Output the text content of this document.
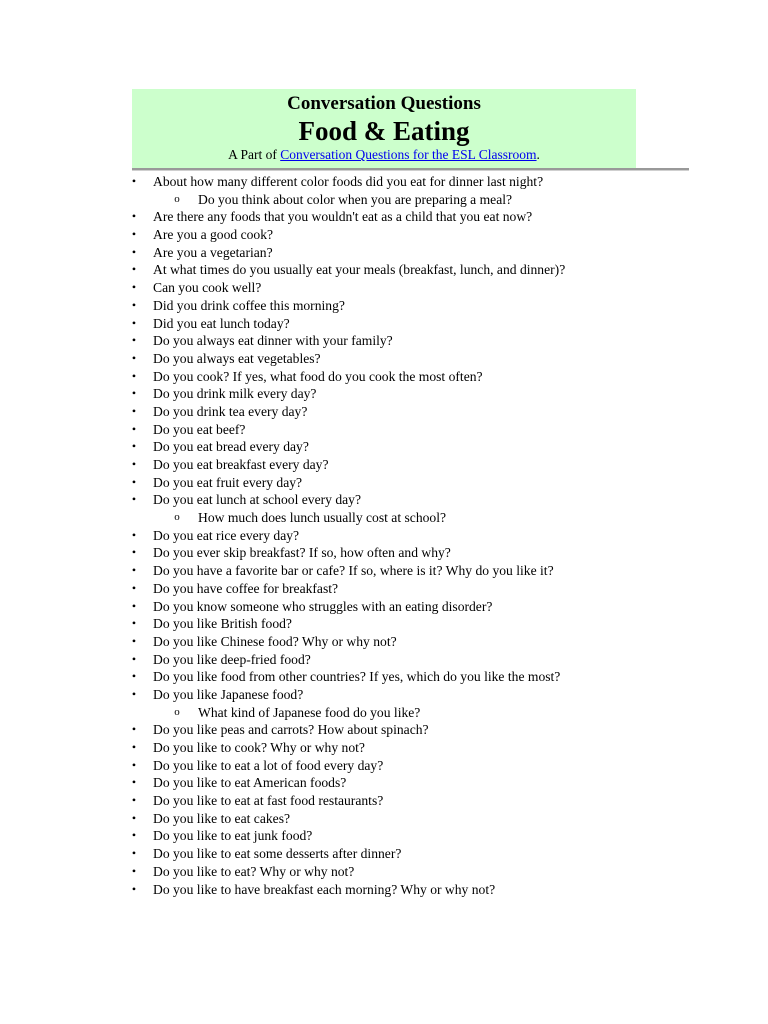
Conversation Questions
Food & Eating
A Part of Conversation Questions for the ESL Classroom.
• About how many different color foods did you eat for dinner last night?
o Do you think about color when you are preparing a meal?
• Are there any foods that you wouldn't eat as a child that you eat now?
• Are you a good cook?
• Are you a vegetarian?
• At what times do you usually eat your meals (breakfast, lunch, and dinner)?
• Can you cook well?
• Did you drink coffee this morning?
• Did you eat lunch today?
• Do you always eat dinner with your family?
• Do you always eat vegetables?
• Do you cook? If yes, what food do you cook the most often?
• Do you drink milk every day?
• Do you drink tea every day?
• Do you eat beef?
• Do you eat bread every day?
• Do you eat breakfast every day?
• Do you eat fruit every day?
• Do you eat lunch at school every day?
o How much does lunch usually cost at school?
• Do you eat rice every day?
• Do you ever skip breakfast? If so, how often and why?
• Do you have a favorite bar or cafe? If so, where is it? Why do you like it?
• Do you have coffee for breakfast?
• Do you know someone who struggles with an eating disorder?
• Do you like British food?
• Do you like Chinese food? Why or why not?
• Do you like deep-fried food?
• Do you like food from other countries? If yes, which do you like the most?
• Do you like Japanese food?
o What kind of Japanese food do you like?
• Do you like peas and carrots? How about spinach?
• Do you like to cook? Why or why not?
• Do you like to eat a lot of food every day?
• Do you like to eat American foods?
• Do you like to eat at fast food restaurants?
• Do you like to eat cakes?
• Do you like to eat junk food?
• Do you like to eat some desserts after dinner?
• Do you like to eat? Why or why not?
• Do you like to have breakfast each morning? Why or why not?
